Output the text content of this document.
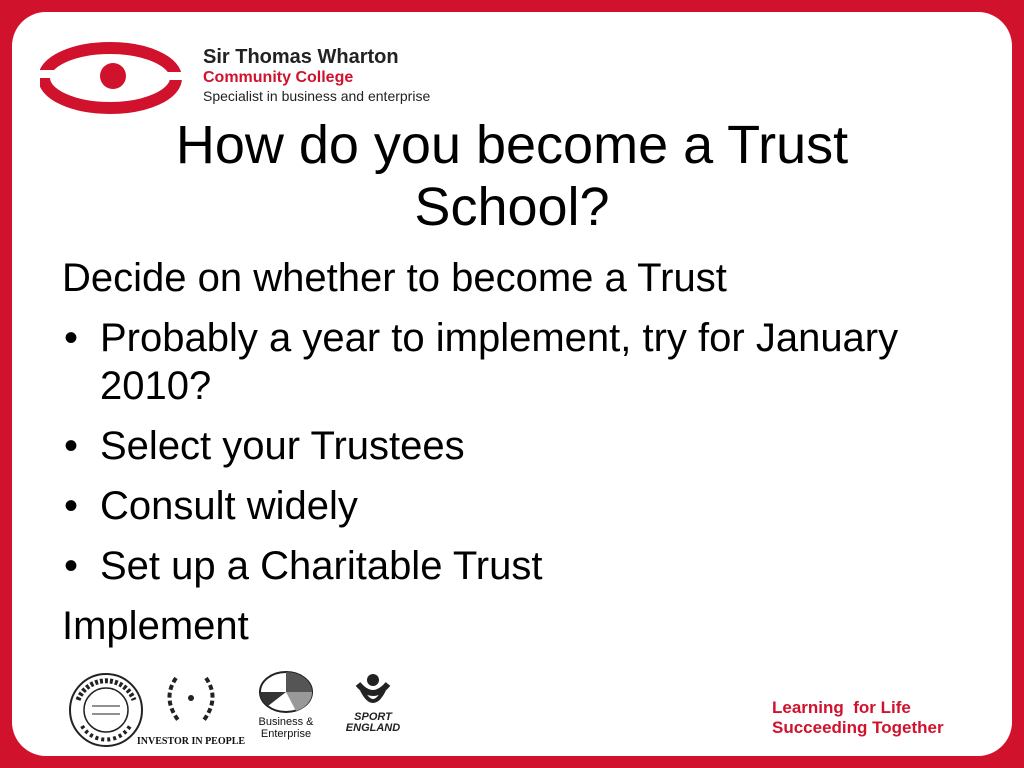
Sir Thomas Wharton
Community College
Specialist in business and enterprise
How do you become a Trust School?
Decide on whether to become a Trust
• Probably a year to implement, try for January 2010?
• Select your Trustees
• Consult widely
• Set up a Charitable Trust
Implement
INVESTOR IN PEOPLE
Business & Enterprise
SPORT
ENGLAND
Learning  for Life
Succeeding Together
